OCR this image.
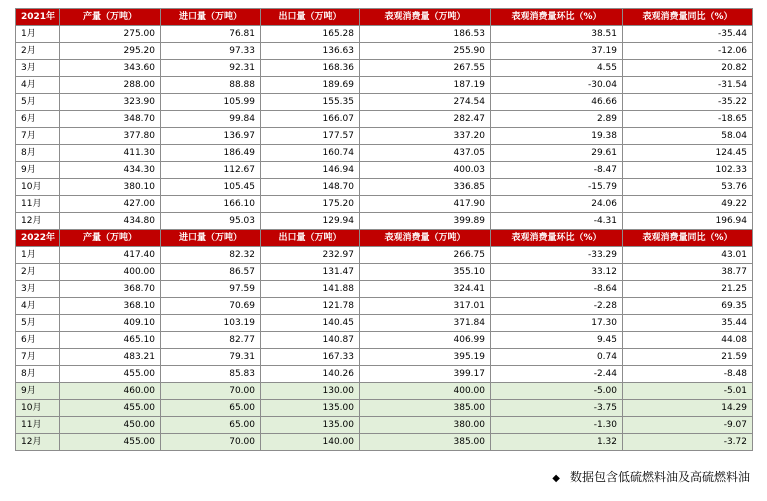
2021年	产量（万吨）	进口量（万吨）	出口量（万吨）	表观消费量（万吨）	表观消费量环比（%）	表观消费量同比（%）
1月	275.00	76.81	165.28	186.53	38.51	-35.44
2月	295.20	97.33	136.63	255.90	37.19	-12.06
3月	343.60	92.31	168.36	267.55	4.55	20.82
4月	288.00	88.88	189.69	187.19	-30.04	-31.54
5月	323.90	105.99	155.35	274.54	46.66	-35.22
6月	348.70	99.84	166.07	282.47	2.89	-18.65
7月	377.80	136.97	177.57	337.20	19.38	58.04
8月	411.30	186.49	160.74	437.05	29.61	124.45
9月	434.30	112.67	146.94	400.03	-8.47	102.33
10月	380.10	105.45	148.70	336.85	-15.79	53.76
11月	427.00	166.10	175.20	417.90	24.06	49.22
12月	434.80	95.03	129.94	399.89	-4.31	196.94
2022年	产量（万吨）	进口量（万吨）	出口量（万吨）	表观消费量（万吨）	表观消费量环比（%）	表观消费量同比（%）
1月	417.40	82.32	232.97	266.75	-33.29	43.01
2月	400.00	86.57	131.47	355.10	33.12	38.77
3月	368.70	97.59	141.88	324.41	-8.64	21.25
4月	368.10	70.69	121.78	317.01	-2.28	69.35
5月	409.10	103.19	140.45	371.84	17.30	35.44
6月	465.10	82.77	140.87	406.99	9.45	44.08
7月	483.21	79.31	167.33	395.19	0.74	21.59
8月	455.00	85.83	140.26	399.17	-2.44	-8.48
9月	460.00	70.00	130.00	400.00	-5.00	-5.01
10月	455.00	65.00	135.00	385.00	-3.75	14.29
11月	450.00	65.00	135.00	380.00	-1.30	-9.07
12月	455.00	70.00	140.00	385.00	1.32	-3.72
◆ 数据包含低硫燃料油及高硫燃料油
